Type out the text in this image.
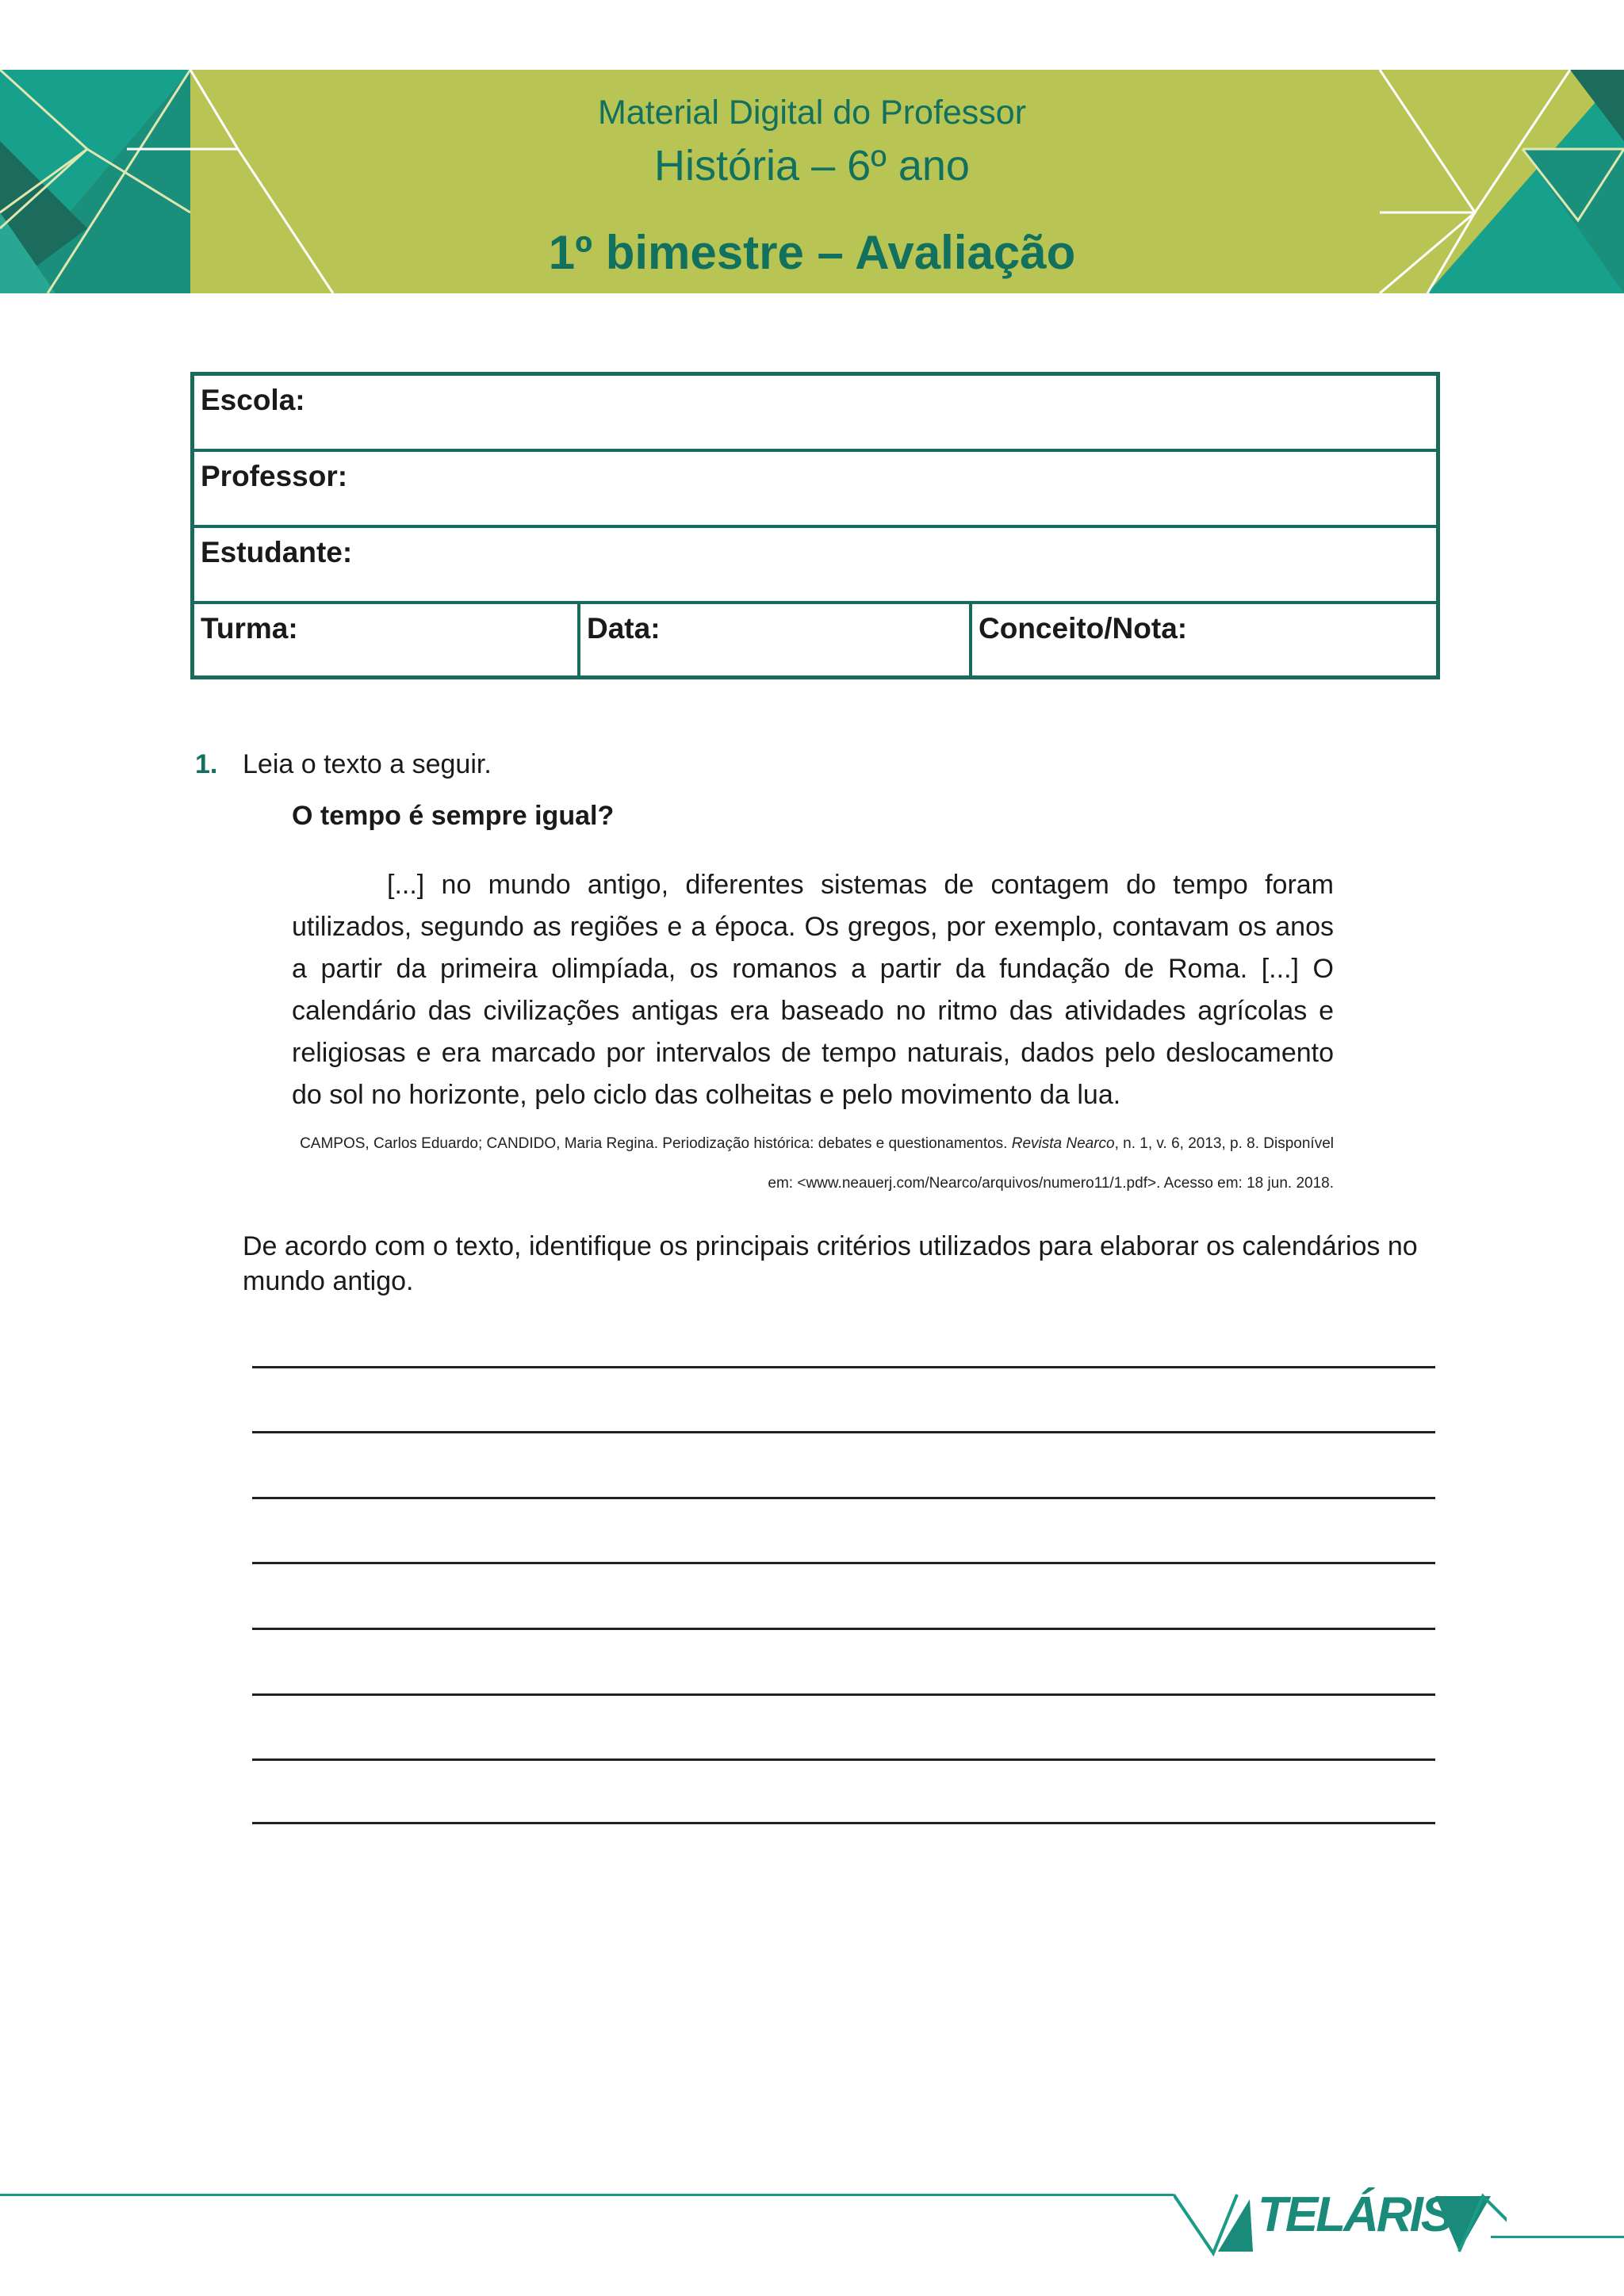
Material Digital do Professor
História – 6º ano
1º bimestre – Avaliação
Escola:
Professor:
Estudante:
Turma:	Data:	Conceito/Nota:
1. Leia o texto a seguir.
O tempo é sempre igual?
[...] no mundo antigo, diferentes sistemas de contagem do tempo foram utilizados, segundo as regiões e a época. Os gregos, por exemplo, contavam os anos a partir da primeira olimpíada, os romanos a partir da fundação de Roma. [...] O calendário das civilizações antigas era baseado no ritmo das atividades agrícolas e religiosas e era marcado por intervalos de tempo naturais, dados pelo deslocamento do sol no horizonte, pelo ciclo das colheitas e pelo movimento da lua.
CAMPOS, Carlos Eduardo; CANDIDO, Maria Regina. Periodização histórica: debates e questionamentos. Revista Nearco, n. 1, v. 6, 2013, p. 8. Disponível em: <www.neauerj.com/Nearco/arquivos/numero11/1.pdf>. Acesso em: 18 jun. 2018.
De acordo com o texto, identifique os principais critérios utilizados para elaborar os calendários no mundo antigo.
TELÁRIS
